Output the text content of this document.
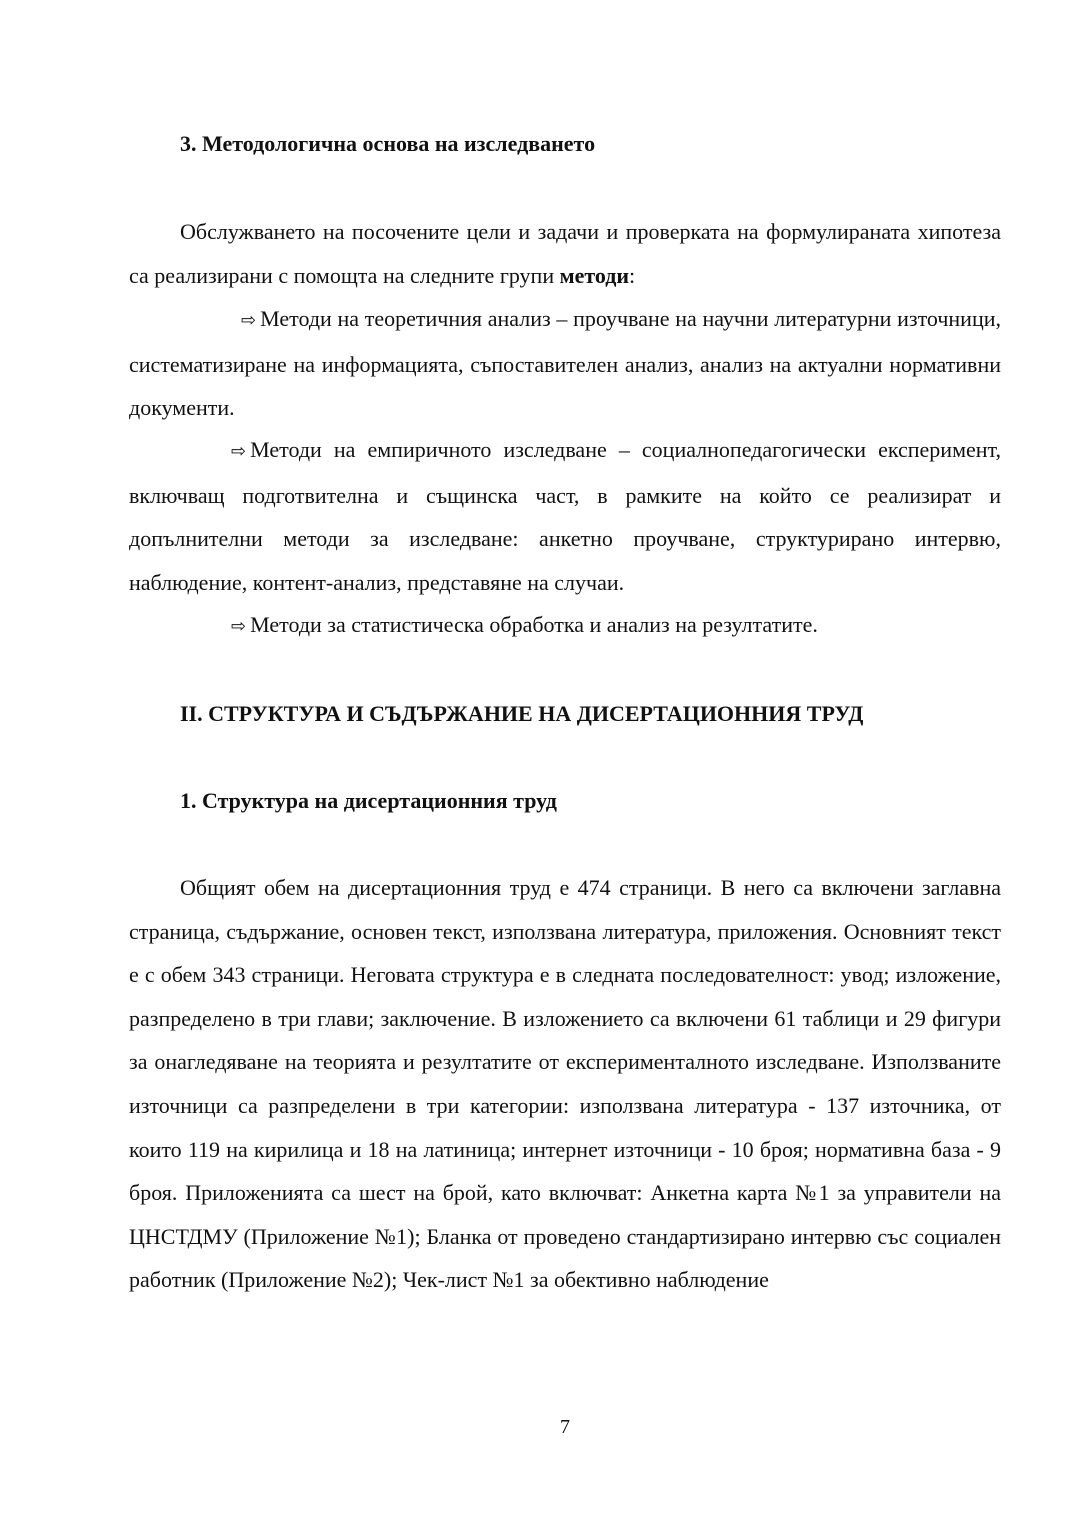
3. Методологична основа на изследването

Обслужването на посочените цели и задачи и проверката на формулираната хипотеза са реализирани с помощта на следните групи методи:

⇨ Методи на теоретичния анализ – проучване на научни литературни източници, систематизиране на информацията, съпоставителен анализ, анализ на актуални нормативни документи.

⇨ Методи на емпиричното изследване – социалнопедагогически експеримент, включващ подготвителна и същинска част, в рамките на който се реализират и допълнителни методи за изследване: анкетно проучване, структурирано интервю, наблюдение, контент-анализ, представяне на случаи.

⇨ Методи за статистическа обработка и анализ на резултатите.

II. СТРУКТУРА И СЪДЪРЖАНИЕ НА ДИСЕРТАЦИОННИЯ ТРУД
1. Структура на дисертационния труд

Общият обем на дисертационния труд е 474 страници. В него са включени заглавна страница, съдържание, основен текст, използвана литература, приложения. Основният текст е с обем 343 страници. Неговата структура е в следната последователност: увод; изложение, разпределено в три глави; заключение. В изложението са включени 61 таблици и 29 фигури за онагледяване на теорията и резултатите от експерименталното изследване. Използваните източници са разпределени в три категории: използвана литература - 137 източника, от които 119 на кирилица и 18 на латиница; интернет източници - 10 броя; нормативна база - 9 броя. Приложенията са шест на брой, като включват: Анкетна карта №1 за управители на ЦНСТДМУ (Приложение №1); Бланка от проведено стандартизирано интервю със социален работник (Приложение №2); Чек-лист №1 за обективно наблюдение

7
